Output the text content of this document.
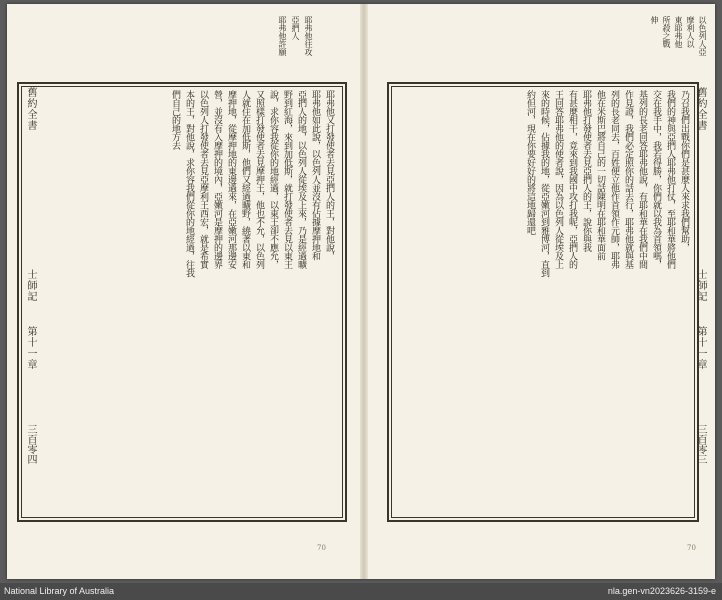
耶弗他往攻
亞捫人
耶弗他許願
耶弗他又打發使者去見亞捫人的王，對他說，
耶弗他如此說，以色列人並沒有佔據摩押地和
亞捫人的地，以色列人從埃及上來，乃是經過曠
野到紅海，來到加低斯，就打發使者去見以東王
說，求你容我從你的地經過，以東王卻不應允，
又照樣打發使者去見摩押王，他也不允，以色列
人就住在加低斯，他們又經過曠野，繞著以東和
摩押地，從摩押地的東邊過來，在亞嫩河那邊安
營，並沒有入摩押的境內，亞嫩河是摩押的邊界
以色列人打發使者去見亞摩利王西宏，就是希實
本的王，對他說，求你容我們從你的地經過，往我
們自己的地方去
舊約全書
士師記
第十一章
三百零四
70
以色列人亞
摩利人以
東耶弗他
所殺之戰
伸
舊約全書
士師記
第十一章
三百零三
乃召我們出戰你們是甚麼人來求我們幫助，
我們的神與亞捫人耶弗他打仗，至耶和華將他們
交在我手中，我若得勝，你們就以我為首領嗎，
基列的長老回答耶弗他說，有耶和華在我們中間
作見證，我們必定照你的話去行，耶弗他就與基
列的長老同去，百姓便立他作首領作元帥，耶弗
他在米斯巴將自己的一切話陳明在耶和華面前
耶弗他打發使者去見亞捫人的王，說你與我
有甚麼相干，竟來到我國中攻打我呢，亞捫人的
王回答耶弗他的使者說，因為以色列人從埃及上
來的時候，佔據我的地，從亞嫩河到雅博河，直到
約但河，現在你要好好的將這地歸還吧
70
National Library of Australia	nla.gen-vn2023626-3159-e
